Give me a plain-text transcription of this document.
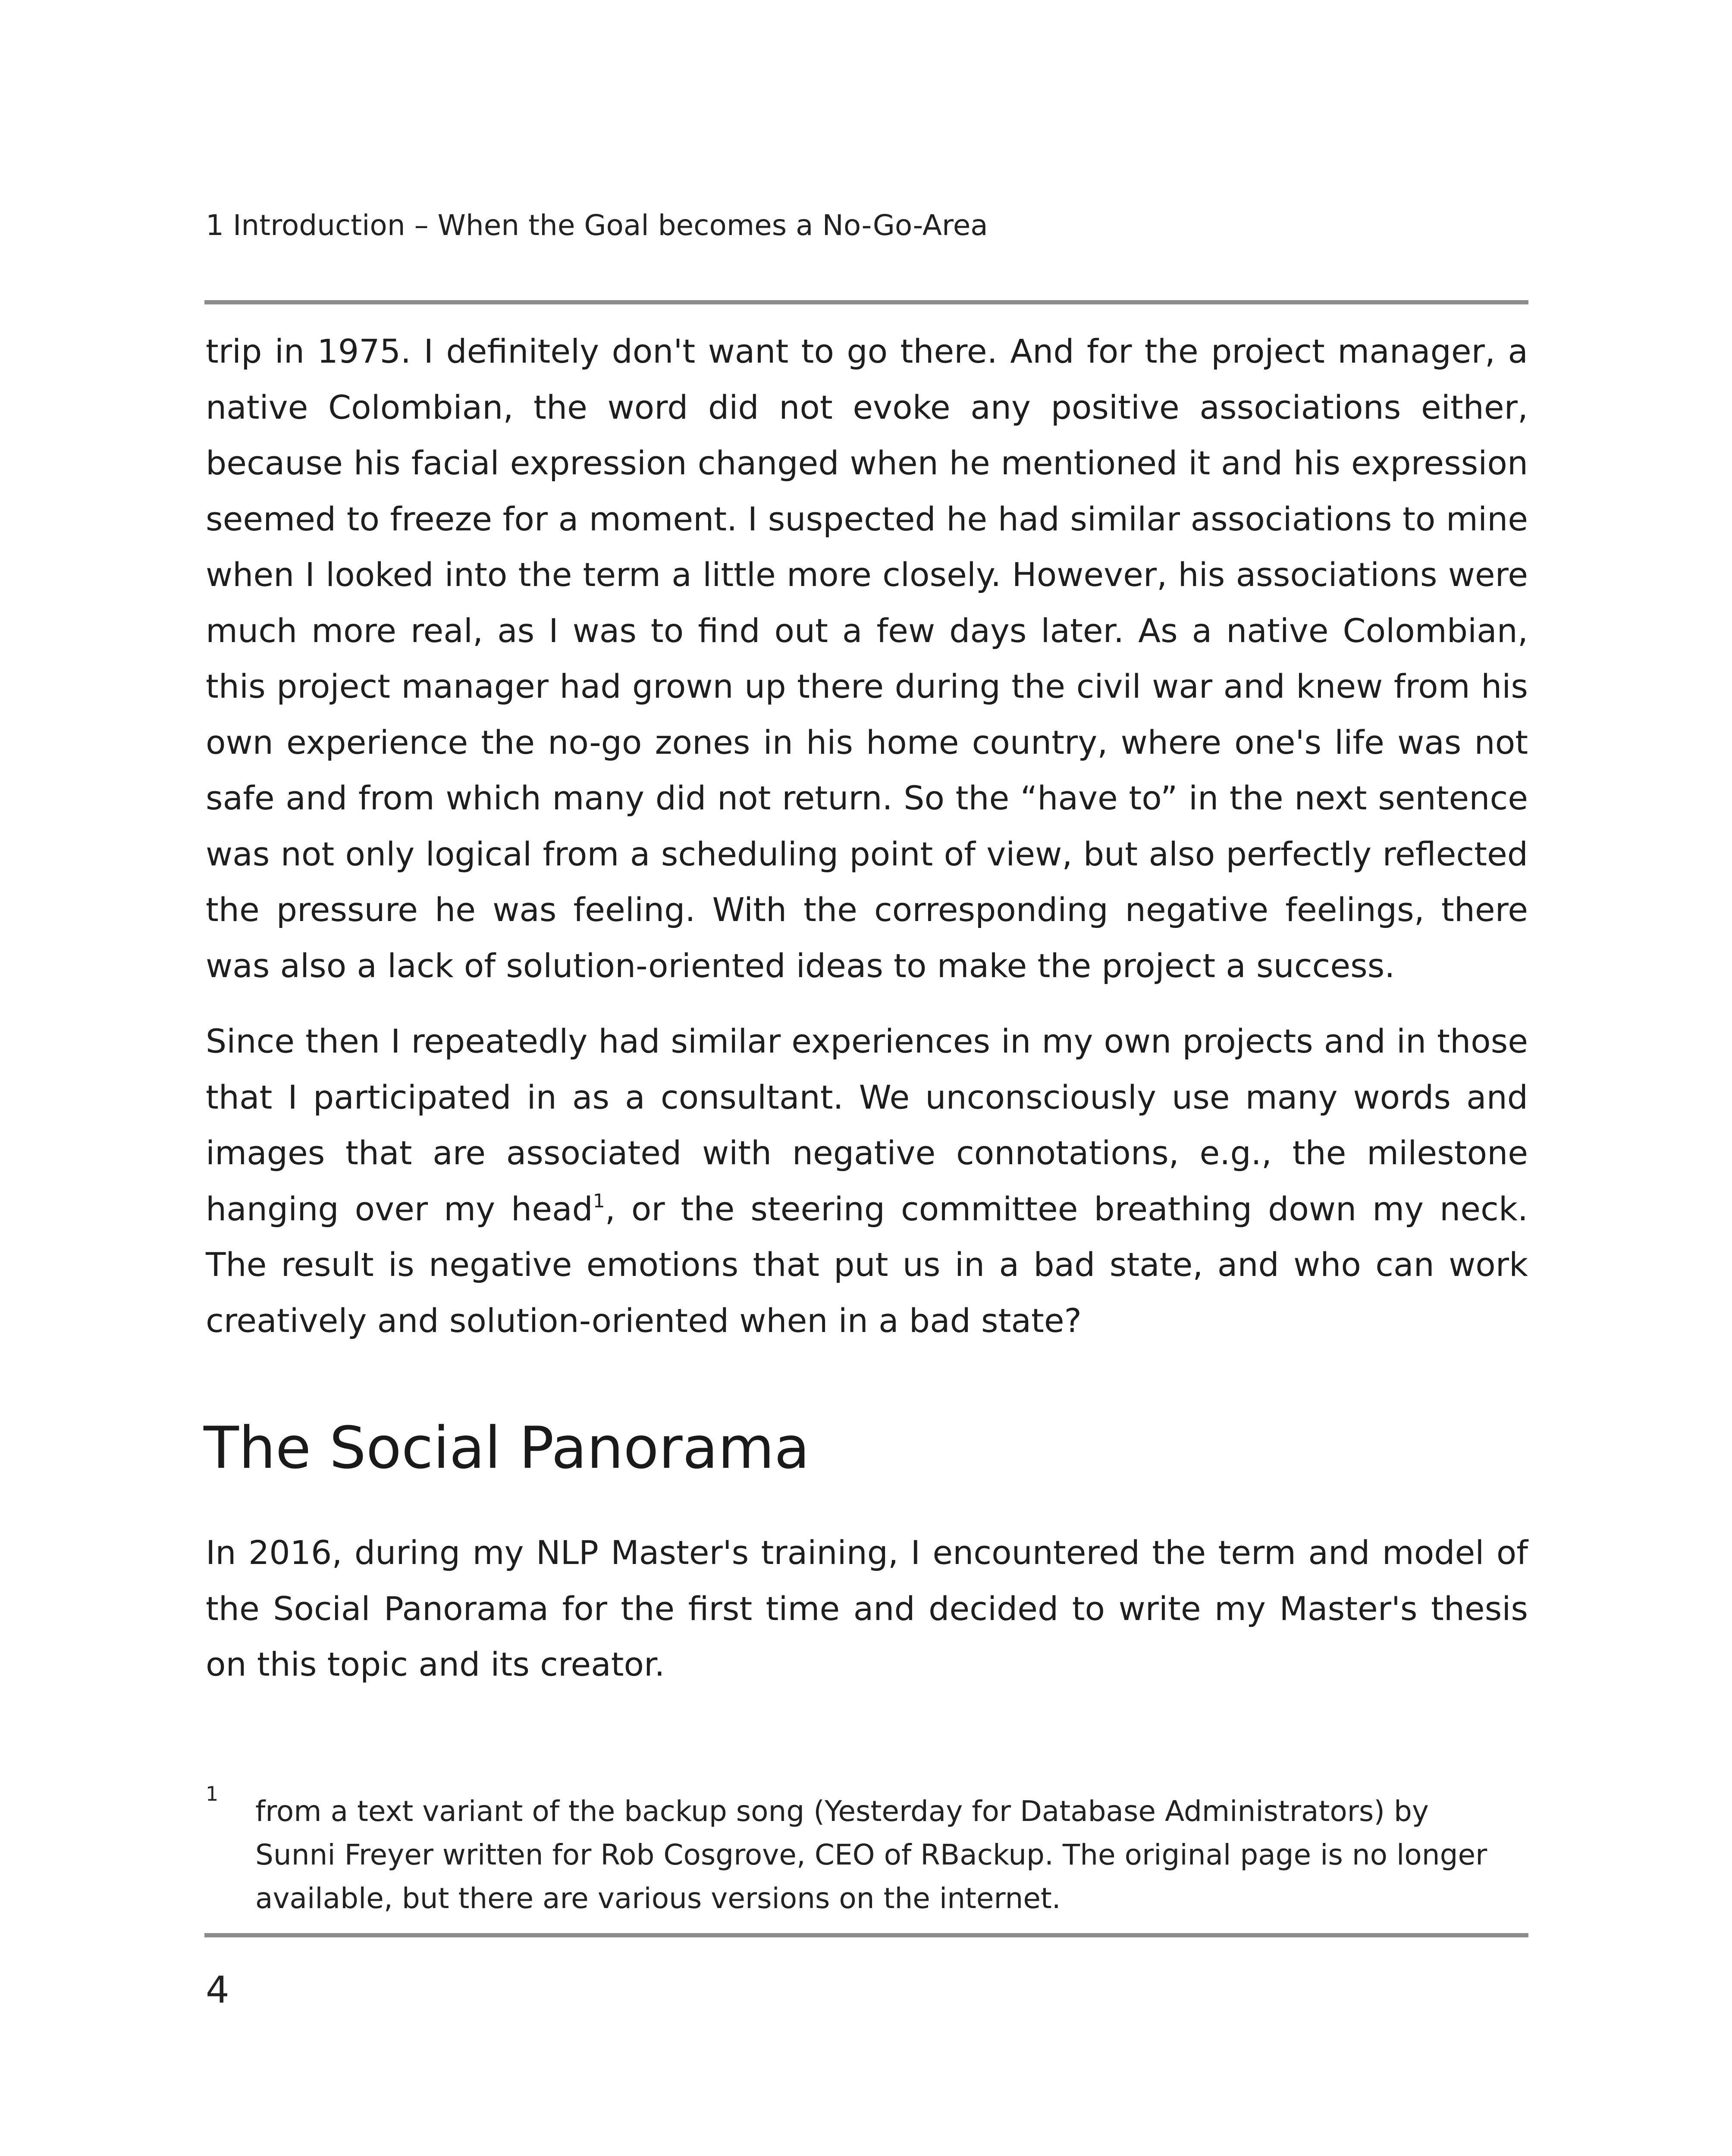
1 Introduction – When the Goal becomes a No-Go-Area

trip in 1975. I definitely don't want to go there. And for the project manager, a native Colombian, the word did not evoke any positive associations either, because his facial expression changed when he mentioned it and his expression seemed to freeze for a moment. I suspected he had similar associations to mine when I looked into the term a little more closely. However, his associations were much more real, as I was to find out a few days later. As a native Colombian, this project manager had grown up there during the civil war and knew from his own experience the no-go zones in his home country, where one's life was not safe and from which many did not return. So the “have to” in the next sentence was not only logical from a scheduling point of view, but also perfectly reflected the pressure he was feeling. With the corresponding negative feelings, there was also a lack of solution-oriented ideas to make the project a success.

Since then I repeatedly had similar experiences in my own projects and in those that I participated in as a consultant. We unconsciously use many words and images that are associated with negative connotations, e.g., the milestone hanging over my head$^1$, or the steering committee breathing down my neck. The result is negative emotions that put us in a bad state, and who can work creatively and solution-oriented when in a bad state?

The Social Panorama

In 2016, during my NLP Master's training, I encountered the term and model of the Social Panorama for the first time and decided to write my Master's thesis on this topic and its creator.

1
from a text variant of the backup song (Yesterday for Database Administrators) by Sunni Freyer written for Rob Cosgrove, CEO of RBackup. The original page is no longer available, but there are various versions on the internet.
4
